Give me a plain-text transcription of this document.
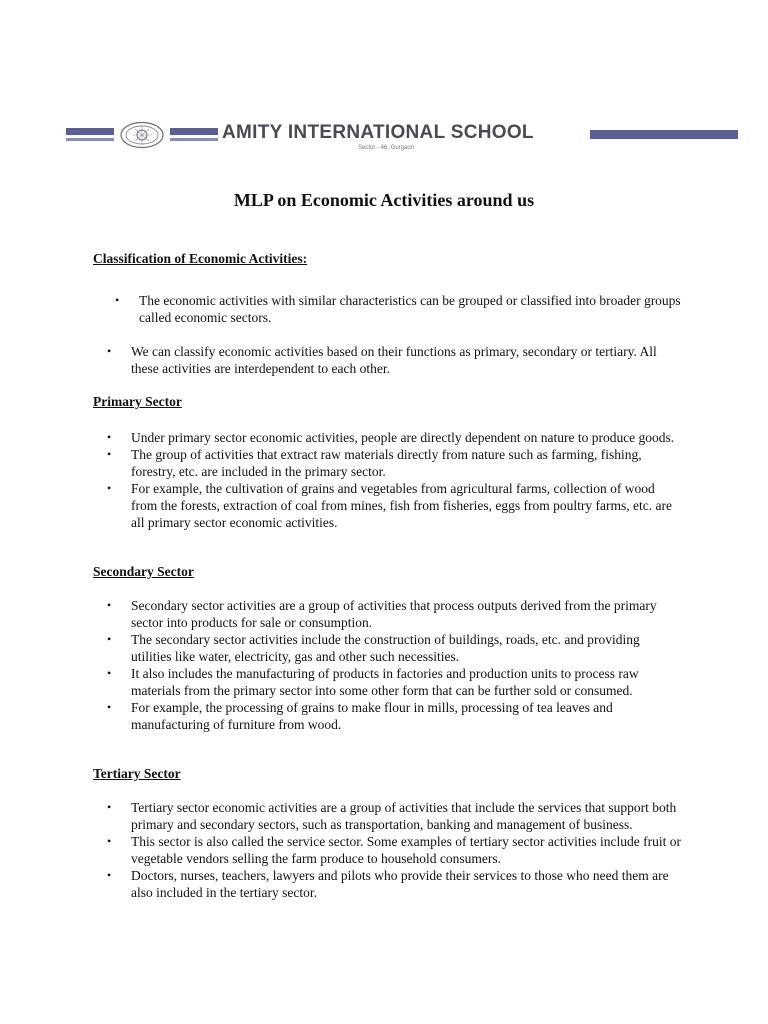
AMITY INTERNATIONAL SCHOOL
Sector - 46, Gurgaon
MLP on Economic Activities around us
Classification of Economic Activities:
• The economic activities with similar characteristics can be grouped or classified into broader groups called economic sectors.
• We can classify economic activities based on their functions as primary, secondary or tertiary. All these activities are interdependent to each other.
Primary Sector
• Under primary sector economic activities, people are directly dependent on nature to produce goods.
• The group of activities that extract raw materials directly from nature such as farming, fishing, forestry, etc. are included in the primary sector.
• For example, the cultivation of grains and vegetables from agricultural farms, collection of wood from the forests, extraction of coal from mines, fish from fisheries, eggs from poultry farms, etc. are all primary sector economic activities.
Secondary Sector
• Secondary sector activities are a group of activities that process outputs derived from the primary sector into products for sale or consumption.
• The secondary sector activities include the construction of buildings, roads, etc. and providing utilities like water, electricity, gas and other such necessities.
• It also includes the manufacturing of products in factories and production units to process raw materials from the primary sector into some other form that can be further sold or consumed.
• For example, the processing of grains to make flour in mills, processing of tea leaves and manufacturing of furniture from wood.
Tertiary Sector
• Tertiary sector economic activities are a group of activities that include the services that support both primary and secondary sectors, such as transportation, banking and management of business.
• This sector is also called the service sector. Some examples of tertiary sector activities include fruit or vegetable vendors selling the farm produce to household consumers.
• Doctors, nurses, teachers, lawyers and pilots who provide their services to those who need them are also included in the tertiary sector.
